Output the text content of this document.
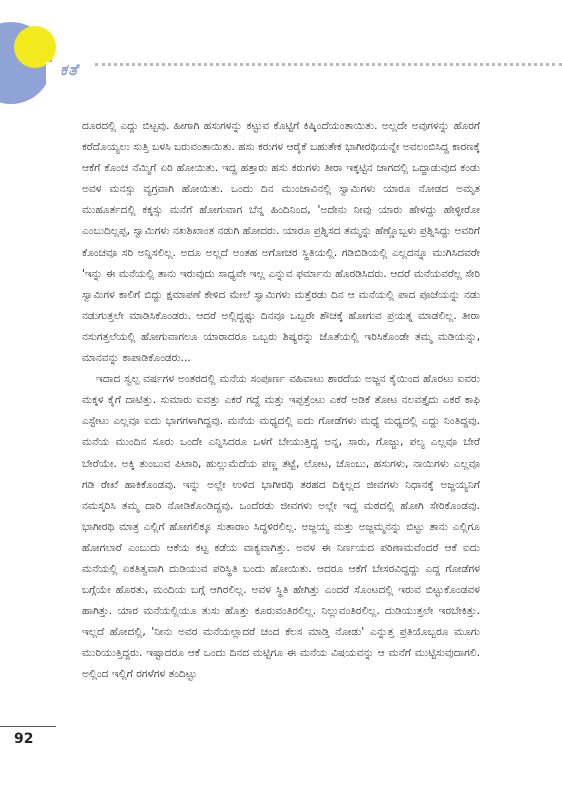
ಕತೆ

ದೂರದಲ್ಲಿ ಎದ್ದು ಬಿಟ್ಟವು. ಹೀಗಾಗಿ ಹಸುಗಳನ್ನು ಕಟ್ಟುವ ಕೊಟ್ಟಿಗೆ ಕಿಷ್ಕಿಂದೆಯಂತಾಯಿತು. ಅಲ್ಲದೇ ಅವುಗಳನ್ನು ಹೊರಗೆ ಕರೆದೊಯ್ಯಲು ಸುತ್ತಿ ಬಳಸಿ ಬರುವಂತಾಯಿತು. ಹಸು ಕರುಗಳ ಆರೈಕೆ ಬಹುತೇಕ ಭಾಗೀರಥಿಯನ್ನೇ ಅವಲಂಬಿಸಿದ್ದ ಕಾರಣಕ್ಕೆ ಆಕೆಗೆ ಕೊಂಚ ನೆಮ್ಮಿಗೆ ಏರಿ ಹೋಯಿತು. ಇದ್ದ ಹತ್ತಾರು ಹಸು ಕರುಗಳು ತೀರಾ ಇಕ್ಕಟ್ಟಿನ ಜಾಗದಲ್ಲಿ ಒದ್ದಾಡುವುದ ಕಂಡು ಅವಳ ಮನಸ್ಸು ವ್ಯಗ್ರವಾಗಿ ಹೋಯಿತು. ಒಂದು ದಿನ ಮುಂಜಾವಿನಲ್ಲಿ ಸ್ವಾಮಿಗಳು ಯಾರೂ ನೋಡದ ಅಮೃತ ಮುಹೂರ್ತದಲ್ಲಿ ಕಕ್ಕಸ್ಸು ಮನೆಗೆ ಹೋಗುವಾಗ ಬೆನ್ನ ಹಿಂದಿನಿಂದ, 'ಅದೇನು ನೀವು ಯಾರು ಹೇಳದ್ದು ಹೇಳ್ಳೀರೋ ಎಂಬುದಿಲ್ಲಪ್ಪ, ಸ್ವಾಮಿಗಳು ನಖಶಿಖಾಂತ ನಡುಗಿ ಹೋದರು. ಯಾರೂ ಪ್ರಶ್ನಿಸದ ತಮ್ಮನ್ನು ಹೆಣ್ಣೊಬ್ಬಳು ಪ್ರಶ್ನಿಸಿದ್ದು ಅವರಿಗೆ ಕೊಂಚವೂ ಸರಿ ಅನ್ನಿಸಲಿಲ್ಲ. ಅದೂ ಅಲ್ಲದೆ ಅಂತಹ ಅಗೋಚರ ಸ್ಥಿತಿಯಲ್ಲಿ. ಗಡಿಬಿಡಿಯಲ್ಲಿ ಎಲ್ಲದನ್ನೂ ಮುಗಿಸಿದವರೇ 'ಇನ್ನು ಈ ಮನೆಯಲ್ಲಿ ತಾನು ಇರುವುದು ಸಾಧ್ಯವೇ ಇಲ್ಲ ಎನ್ನುವ ಫರ್ಮಾನು ಹೊರಡಿಸಿದರು. ಆದರೆ ಮನೆಯವರೆಲ್ಲ ಸೇರಿ ಸ್ವಾಮಿಗಳ ಕಾಲಿಗೆ ಬಿದ್ದು ಕ್ಷಮಾಪಣೆ ಕೇಳಿದ ಮೇಲೆ ಸ್ವಾಮಿಗಳು ಮತ್ತೆರಡು ದಿನ ಆ ಮನೆಯಲ್ಲಿ ಪಾದ ಪೂಜೆಯನ್ನು ನಡು ನಡುಗುತ್ತಲೇ ಮಾಡಿಸಿಕೊಂಡರು. ಆದರೆ ಅಲ್ಲಿದ್ದಷ್ಟು ದಿನವೂ ಒಬ್ಬರೇ ಶೌಚಕ್ಕೆ ಹೋಗುವ ಪ್ರಯತ್ನ ಮಾಡಲಿಲ್ಲ. ತೀರಾ ನಸುಗತ್ತಲೆಯಲ್ಲಿ ಹೋಗುವಾಗಲೂ ಯಾರಾದರೂ ಒಬ್ಬರು ಶಿಷ್ಯರನ್ನು ಜೊತೆಯಲ್ಲಿ ಇರಿಸಿಕೊಂಡೇ ತಮ್ಮ ಮಡಿಯನ್ನು, ಮಾನವನ್ನು ಕಾಪಾಡಿಕೊಂಡರು...

ಇದಾದ ಸ್ವಲ್ಪ ವರ್ಷಗಳ ಅಂತರದಲ್ಲಿ ಮನೆಯ ಸಂಪೂರ್ಣ ವಹಿವಾಟು ಶಾರದೆಯ ಅಜ್ಜನ ಕೈಯಿಂದ ಹೊರಟು ಐವರು ಮಕ್ಕಳ ಕೈಗೆ ದಾಟಿತ್ತು. ಸುಮಾರು ಐವತ್ತು ಎಕರೆ ಗದ್ದೆ ಮತ್ತು ಇಪ್ಪತ್ತೆಂಟು ಎಕರೆ ಅಡಿಕೆ ತೋಟ ನಲವತ್ತೈದು ಎಕರೆ ಕಾಫಿ ಎಸ್ಟೇಟು ಎಲ್ಲವೂ ಐದು ಭಾಗಗಳಾಗಿದ್ದವು. ಮನೆಯ ಮಧ್ಯದಲ್ಲಿ ಐದು ಗೋಡೆಗಳು ಮಧ್ಯೆ ಮಧ್ಯದಲ್ಲಿ ಎದ್ದು ನಿಂತಿದ್ದವು. ಮನೆಯ ಮುಂದಿನ ಸೂರು ಒಂದೇ ಎನ್ನಿಸಿದರೂ ಒಳಗೆ ಬೇಯುತ್ತಿದ್ದ ಅನ್ನ, ಸಾರು, ಗೊಜ್ಜು, ಪಲ್ಯ ಎಲ್ಲವೂ ಬೇರೆ ಬೇರೆಯೇ. ಅಕ್ಕಿ ತುಂಬುವ ಪಿಟಾರಿ, ಹುಲ್ಲುಮೆದೆಯ ಪಣ್ಣ ತಟ್ಟೆ, ಲೋಟ, ಚೊಂಬು, ಹಸುಗಳು, ನಾಯಿಗಳು ಎಲ್ಲವೂ ಗಡಿ ರೇಖೆ ಹಾಕಿಕೊಂಡವು. ಇನ್ನು ಅಲ್ಲೇ ಉಳಿದ ಭಾಗೀರಥಿ ತರಹದ ದಿಕ್ಕಿಲ್ಲದ ಜೀವಗಳು ನಿಧಾನಕ್ಕೆ ಅಜ್ಜಯ್ಯನಿಗೆ ನಮಸ್ಕರಿಸಿ ತಮ್ಮ ದಾರಿ ನೋಡಿಕೊಂಡಿದ್ದವು. ಒಂದೆರಡು ಜೀವಗಳು ಅಲ್ಲೇ ಇದ್ದ ಮಠದಲ್ಲಿ ಹೋಗಿ ಸೇರಿಕೊಂಡವು. ಭಾಗೀರಥಿ ಮಾತ್ರ ಎಲ್ಲಿಗೆ ಹೋಗಲಿಕ್ಕೂ ಸುತಾರಾಂ ಸಿದ್ಧಳಿರಲಿಲ್ಲ. ಅಜ್ಜಯ್ಯ ಮತ್ತು ಅಜ್ಜಮ್ಮನನ್ನು ಬಿಟ್ಟು ತಾನು ಎಲ್ಲಿಗೂ ಹೋಗಲಾರೆ ಎಂಬುದು ಆಕೆಯ ಕಟ್ಟ ಕಡೆಯ ವಾಕ್ಯವಾಗಿತ್ತು. ಅವಳ ಈ ನಿರ್ಣಯದ ಪರಿಣಾಮವೆಂದರೆ ಆಕೆ ಐದು ಮನೆಯಲ್ಲಿ ಏಕತಿತ್ವವಾಗಿ ದುಡಿಯುವ ಪರಿಸ್ಥಿತಿ ಬಂದು ಹೋಯಿತು. ಆದರೂ ಆಕೆಗೆ ಬೇಸರವಿದ್ದದ್ದು ಎದ್ದ ಗೋಡೆಗಳ ಬಗ್ಗೆಯೇ ಹೊರತು, ಮಂದಿಯ ಬಗ್ಗೆ ಆಗಿರಲಿಲ್ಲ. ಅವಳ ಸ್ಥಿತಿ ಹೇಗಿತ್ತು ಎಂದರೆ ಸೊಂಟದಲ್ಲಿ ಇರುವ ಬಿಟ್ಟುಕೊಂಡವಳ ಹಾಗಿತ್ತು. ಯಾರ ಮನೆಯಲ್ಲಿಯೂ ತುಸು ಹೊತ್ತು ಕೂರುವಂತಿರಲಿಲ್ಲ. ನಿಲ್ಲುವಂತಿರಲಿಲ್ಲ. ದುಡಿಯುತ್ತಲೇ ಇರಬೇಕಿತ್ತು. ಇಲ್ಲದೆ ಹೋದಲ್ಲಿ, 'ನೀನು ಅವರ ಮನೆಯಲ್ಲಾದರೆ ಚಂದ ಕೆಲಸ ಮಾಡ್ತಿ ನೋಡು' ಎನ್ನುತ್ತ ಪ್ರತಿಯೊಬ್ಬರೂ ಮೂಗು ಮುರಿಯುತ್ತಿದ್ದರು. ಇಷ್ಟಾದರೂ ಆಕೆ ಒಂದು ದಿನದ ಮಟ್ಟಿಗೂ ಈ ಮನೆಯ ವಿಷಯವನ್ನು ಆ ಮನೆಗೆ ಮುಟ್ಟಿಸುವುದಾಗಲಿ. ಅಲ್ಲಿಂದ ಇಲ್ಲಿಗೆ ರಗಳೆಗಳ ತಂದಿಟ್ಟು

92
